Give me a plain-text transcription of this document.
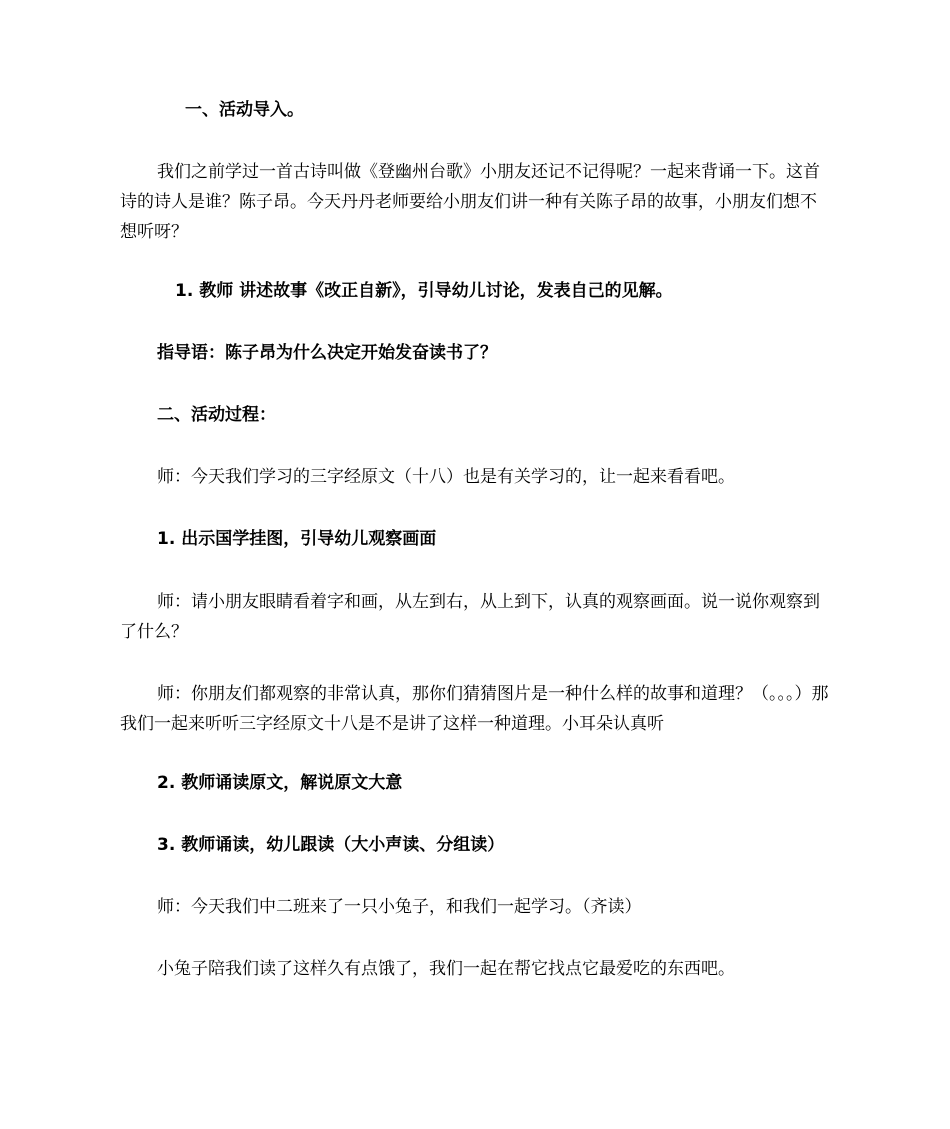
一、活动导入。

我们之前学过一首古诗叫做《登幽州台歌》小朋友还记不记得呢？一起来背诵一下。这首诗的诗人是谁？陈子昂。今天丹丹老师要给小朋友们讲一种有关陈子昂的故事，小朋友们想不想听呀？

1. 教师 讲述故事《改正自新》，引导幼儿讨论，发表自己的见解。

指导语：陈子昂为什么决定开始发奋读书了？

二、活动过程：

师：今天我们学习的三字经原文（十八）也是有关学习的，让一起来看看吧。

1. 出示国学挂图，引导幼儿观察画面

师：请小朋友眼睛看着字和画，从左到右，从上到下，认真的观察画面。说一说你观察到了什么？

师：你朋友们都观察的非常认真，那你们猜猜图片是一种什么样的故事和道理？（。。。）那我们一起来听听三字经原文十八是不是讲了这样一种道理。小耳朵认真听

2. 教师诵读原文，解说原文大意

3. 教师诵读，幼儿跟读（大小声读、分组读）

师：今天我们中二班来了一只小兔子，和我们一起学习。（齐读）

小兔子陪我们读了这样久有点饿了，我们一起在帮它找点它最爱吃的东西吧。
